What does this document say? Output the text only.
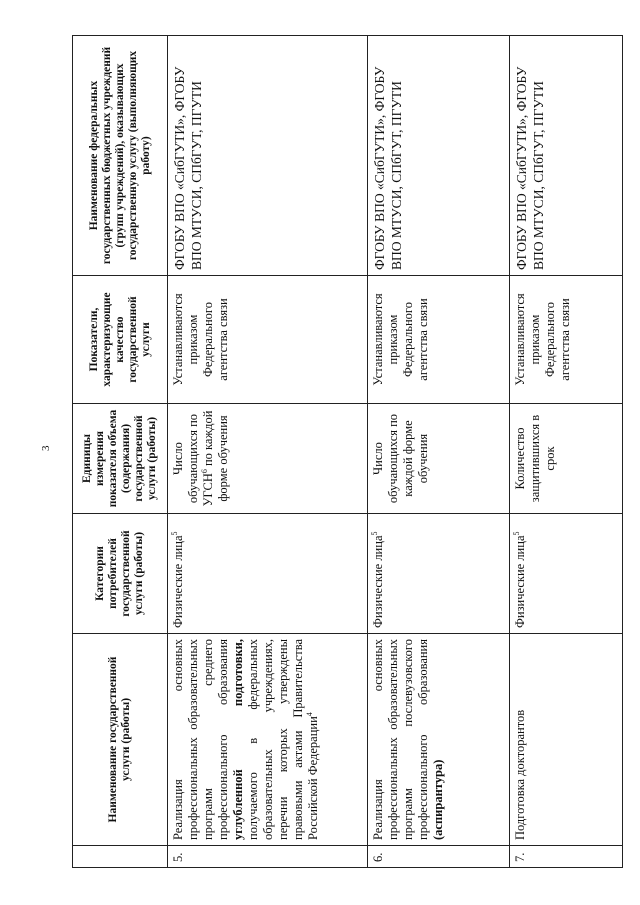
3
	Наименование государственной услуги (работы)	Категории потребителей государственной услуги (работы)	Единицы измерения показателя объема (содержания) государственной услуги (работы)	Показатели, характеризующие качество государственной услуги	Наименование федеральных государственных бюджетных учреждений (групп учреждений), оказывающих государственную услугу (выполняющих работу)
5.	Реализация основных профессиональных образовательных программ среднего профессионального образования углубленной подготовки, получаемого в федеральных образовательных учреждениях, перечни которых утверждены правовыми актами Правительства Российской Федерации$^4$	Физические лица$^5$	Число обучающихся по УГСН$^6$ по каждой форме обучения	Устанавливаются приказом Федерального агентства связи	ФГОБУ ВПО «СибГУТИ», ФГОБУ ВПО МТУСИ, СПбГУТ, ПГУТИ
6.	Реализация основных профессиональных образовательных программ послевузовского профессионального образования (аспирантура)	Физические лица$^5$	Число обучающихся по каждой форме обучения	Устанавливаются приказом Федерального агентства связи	ФГОБУ ВПО «СибГУТИ», ФГОБУ ВПО МТУСИ, СПбГУТ, ПГУТИ
7.	Подготовка докторантов	Физические лица$^5$	Количество защитившихся в срок	Устанавливаются приказом Федерального агентства связи	ФГОБУ ВПО «СибГУТИ», ФГОБУ ВПО МТУСИ, СПбГУТ, ПГУТИ
